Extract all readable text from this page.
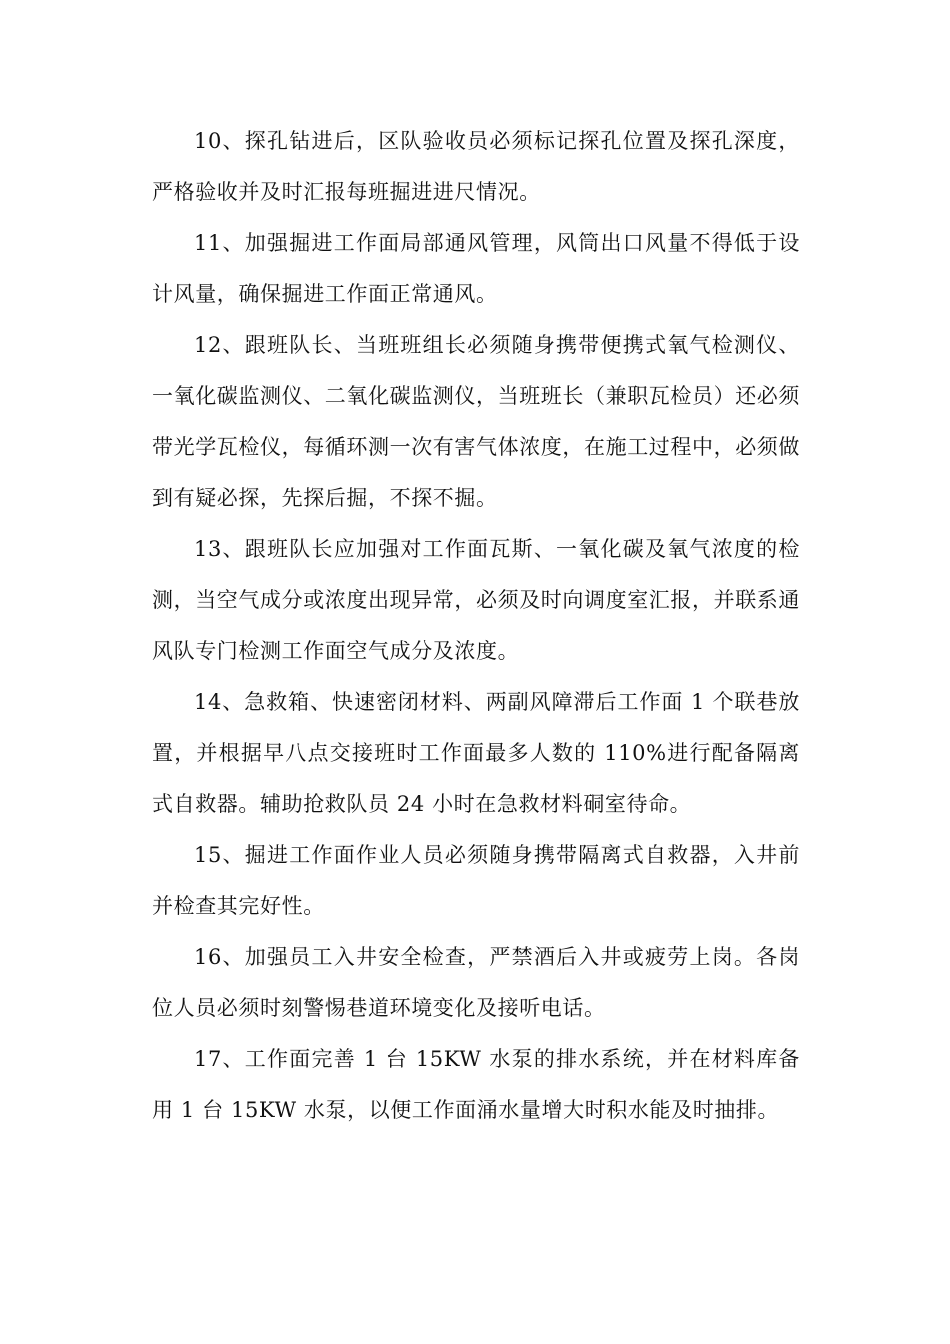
10、探孔钻进后，区队验收员必须标记探孔位置及探孔深度，严格验收并及时汇报每班掘进进尺情况。

11、加强掘进工作面局部通风管理，风筒出口风量不得低于设计风量，确保掘进工作面正常通风。

12、跟班队长、当班班组长必须随身携带便携式氧气检测仪、一氧化碳监测仪、二氧化碳监测仪，当班班长（兼职瓦检员）还必须带光学瓦检仪，每循环测一次有害气体浓度，在施工过程中，必须做到有疑必探，先探后掘，不探不掘。

13、跟班队长应加强对工作面瓦斯、一氧化碳及氧气浓度的检测，当空气成分或浓度出现异常，必须及时向调度室汇报，并联系通风队专门检测工作面空气成分及浓度。

14、急救箱、快速密闭材料、两副风障滞后工作面 1 个联巷放置，并根据早八点交接班时工作面最多人数的 110%进行配备隔离式自救器。辅助抢救队员 24 小时在急救材料硐室待命。

15、掘进工作面作业人员必须随身携带隔离式自救器，入井前并检查其完好性。

16、加强员工入井安全检查，严禁酒后入井或疲劳上岗。各岗位人员必须时刻警惕巷道环境变化及接听电话。

17、工作面完善 1 台 15KW 水泵的排水系统，并在材料库备用 1 台 15KW 水泵，以便工作面涌水量增大时积水能及时抽排。
